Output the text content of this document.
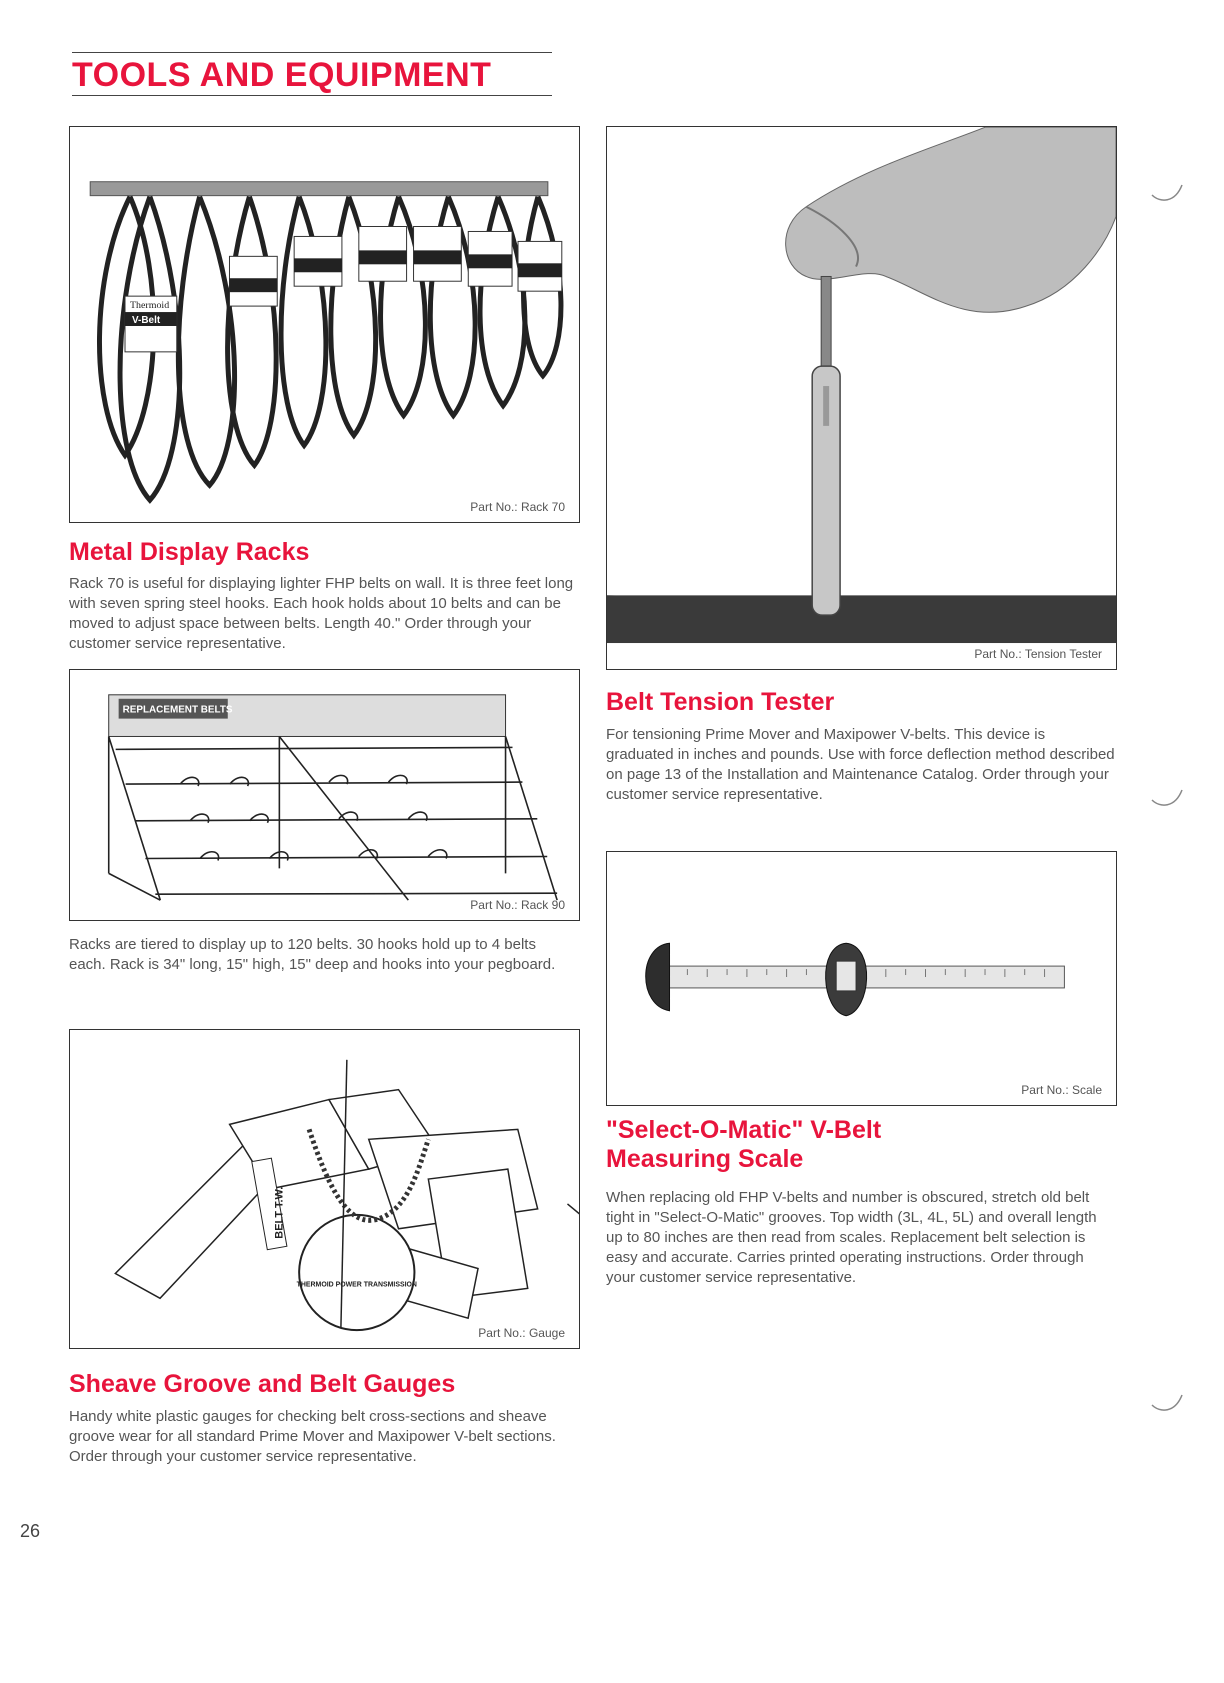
TOOLS AND EQUIPMENT
Thermoid
V-Belt
Part No.: Rack 70
Metal Display Racks

Rack 70 is useful for displaying lighter FHP belts on wall. It is three feet long with seven spring steel hooks. Each hook holds about 10 belts and can be moved to adjust space between belts. Length 40." Order through your customer service representative.

REPLACEMENT BELTS
Part No.: Rack 90

Racks are tiered to display up to 120 belts. 30 hooks hold up to 4 belts each. Rack is 34" long, 15" high, 15" deep and hooks into your pegboard.

BELT T.W.
THERMOID POWER TRANSMISSION
Part No.: Gauge
Sheave Groove and Belt Gauges

Handy white plastic gauges for checking belt cross-sections and sheave groove wear for all standard Prime Mover and Maxipower V-belt sections. Order through your customer service representative.

26
Part No.: Tension Tester
Belt Tension Tester

For tensioning Prime Mover and Maxipower V-belts. This device is graduated in inches and pounds. Use with force deflection method described on page 13 of the Installation and Maintenance Catalog. Order through your customer service representative.

Part No.: Scale
"Select-O-Matic" V-Belt
Measuring Scale

When replacing old FHP V-belts and number is obscured, stretch old belt tight in "Select-O-Matic" grooves. Top width (3L, 4L, 5L) and overall length up to 80 inches are then read from scales. Replacement belt selection is easy and accurate. Carries printed operating instructions. Order through your customer service representative.
